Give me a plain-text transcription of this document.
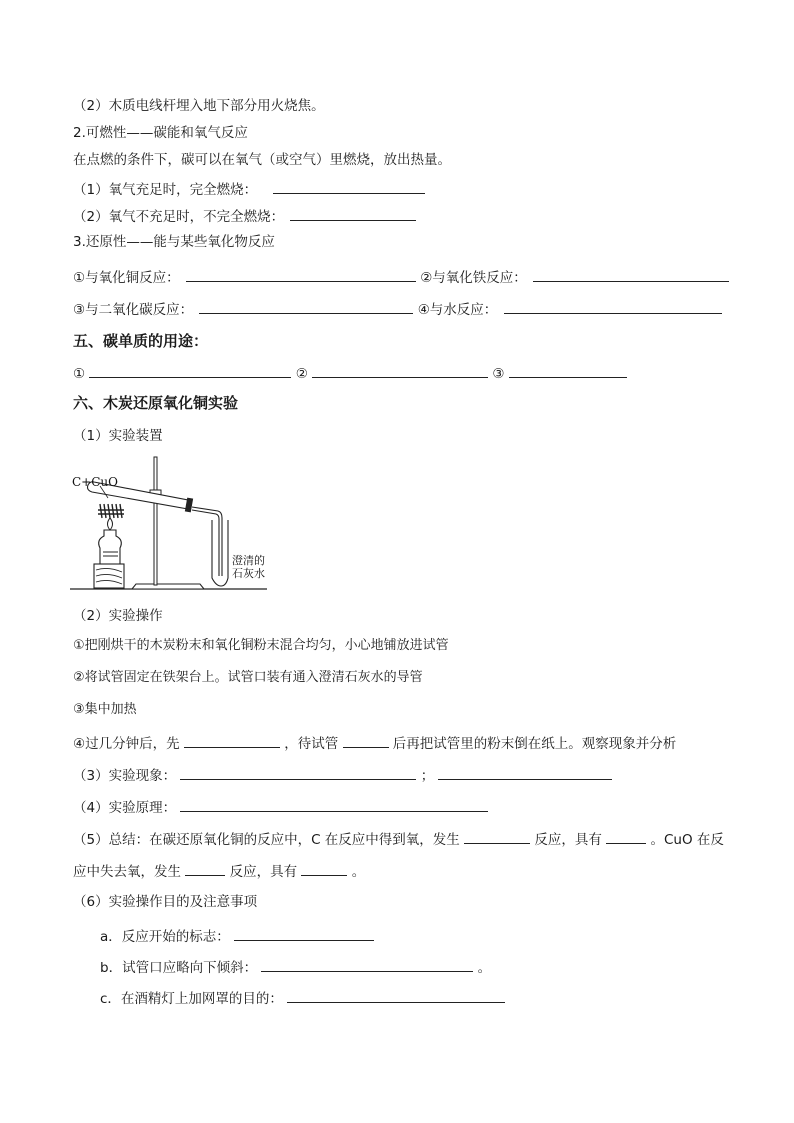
（2）木质电线杆埋入地下部分用火烧焦。
2.可燃性——碳能和氧气反应
在点燃的条件下，碳可以在氧气（或空气）里燃烧，放出热量。
（1）氧气充足时，完全燃烧：
（2）氧气不充足时，不完全燃烧：
3.还原性——能与某些氧化物反应
①与氧化铜反应：	②与氧化铁反应：
③与二氧化碳反应：	④与水反应：
五、碳单质的用途：
①	②	③
六、木炭还原氧化铜实验
（1）实验装置
C+CuO
澄清的
石灰水
（2）实验操作
①把刚烘干的木炭粉末和氧化铜粉末混合均匀，小心地铺放进试管
②将试管固定在铁架台上。试管口装有通入澄清石灰水的导管
③集中加热
④过几分钟后，先	，待试管	后再把试管里的粉末倒在纸上。观察现象并分析
（3）实验现象：	；
（4）实验原理：
（5）总结：在碳还原氧化铜的反应中，C 在反应中得到氧，发生	反应，具有	。CuO 在反
应中失去氧，发生	反应，具有	。
（6）实验操作目的及注意事项
a．反应开始的标志：
b．试管口应略向下倾斜：	。
c．在酒精灯上加网罩的目的：
